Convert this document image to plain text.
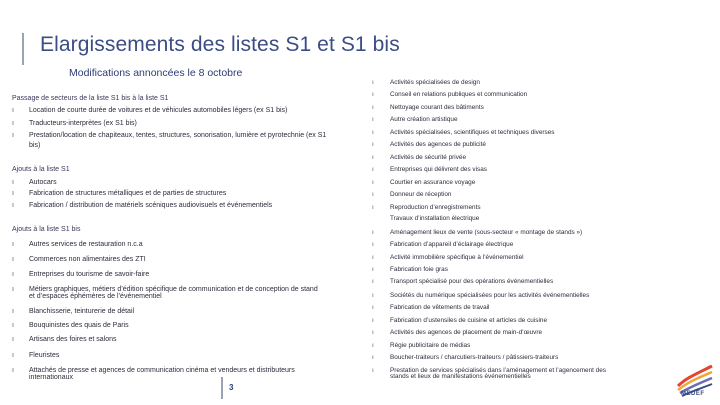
Elargissements des listes S1 et S1 bis
Modifications annoncées le 8 octobre
Passage de secteurs de la liste S1 bis à la liste S1
ı Location de courte durée de voitures et de véhicules automobiles légers (ex S1 bis)
ı Traducteurs-interprètes (ex S1 bis)
ı Prestation/location de chapiteaux, tentes, structures, sonorisation, lumière et pyrotechnie (ex S1
bis)
Ajouts à la liste S1
ı Autocars
ı Fabrication de structures métalliques et de parties de structures
ı Fabrication / distribution de matériels scéniques audiovisuels et événementiels
Ajouts à la liste S1 bis
ı Autres services de restauration n.c.a
ı Commerces non alimentaires des ZTI
ı Entreprises du tourisme de savoir-faire
ı Métiers graphiques, métiers d’édition spécifique de communication et de conception de stand
et d’espaces éphémères de l’événementiel
ı Blanchisserie, teinturerie de détail
ı Bouquinistes des quais de Paris
ı Artisans des foires et salons
ı Fleuristes
ı Attachés de presse et agences de communication cinéma et vendeurs et distributeurs
internationaux
ı	Activités spécialisées de design
ı	Conseil en relations publiques et communication
ı	Nettoyage courant des bâtiments
ı	Autre création artistique
ı	Activités spécialisées, scientifiques et techniques diverses
ı	Activités des agences de publicité
ı	Activités de sécurité privée
ı	Entreprises qui délivrent des visas
ı	Courtier en assurance voyage
ı	Donneur de réception
ı	Reproduction d’enregistrements
Travaux d’installation électrique
ı	Aménagement lieux de vente (sous-secteur « montage de stands »)
ı	Fabrication d’appareil d’éclairage électrique
ı	Activité immobilière spécifique à l’événementiel
ı	Fabrication foie gras
ı	Transport spécialisé pour des opérations événementielles
ı	Sociétés du numérique spécialisées pour les activités événementielles
ı	Fabrication de vêtements de travail
ı	Fabrication d’ustensiles de cuisine et articles de cuisine
ı	Activités des agences de placement de main-d’œuvre
ı	Régie publicitaire de médias
ı	Boucher-traiteurs / charcutiers-traiteurs / pâtissiers-traiteurs
ı	Prestation de services spécialisés dans l’aménagement et l’agencement des
stands et lieux de manifestations événementielles
3
MEDEF
